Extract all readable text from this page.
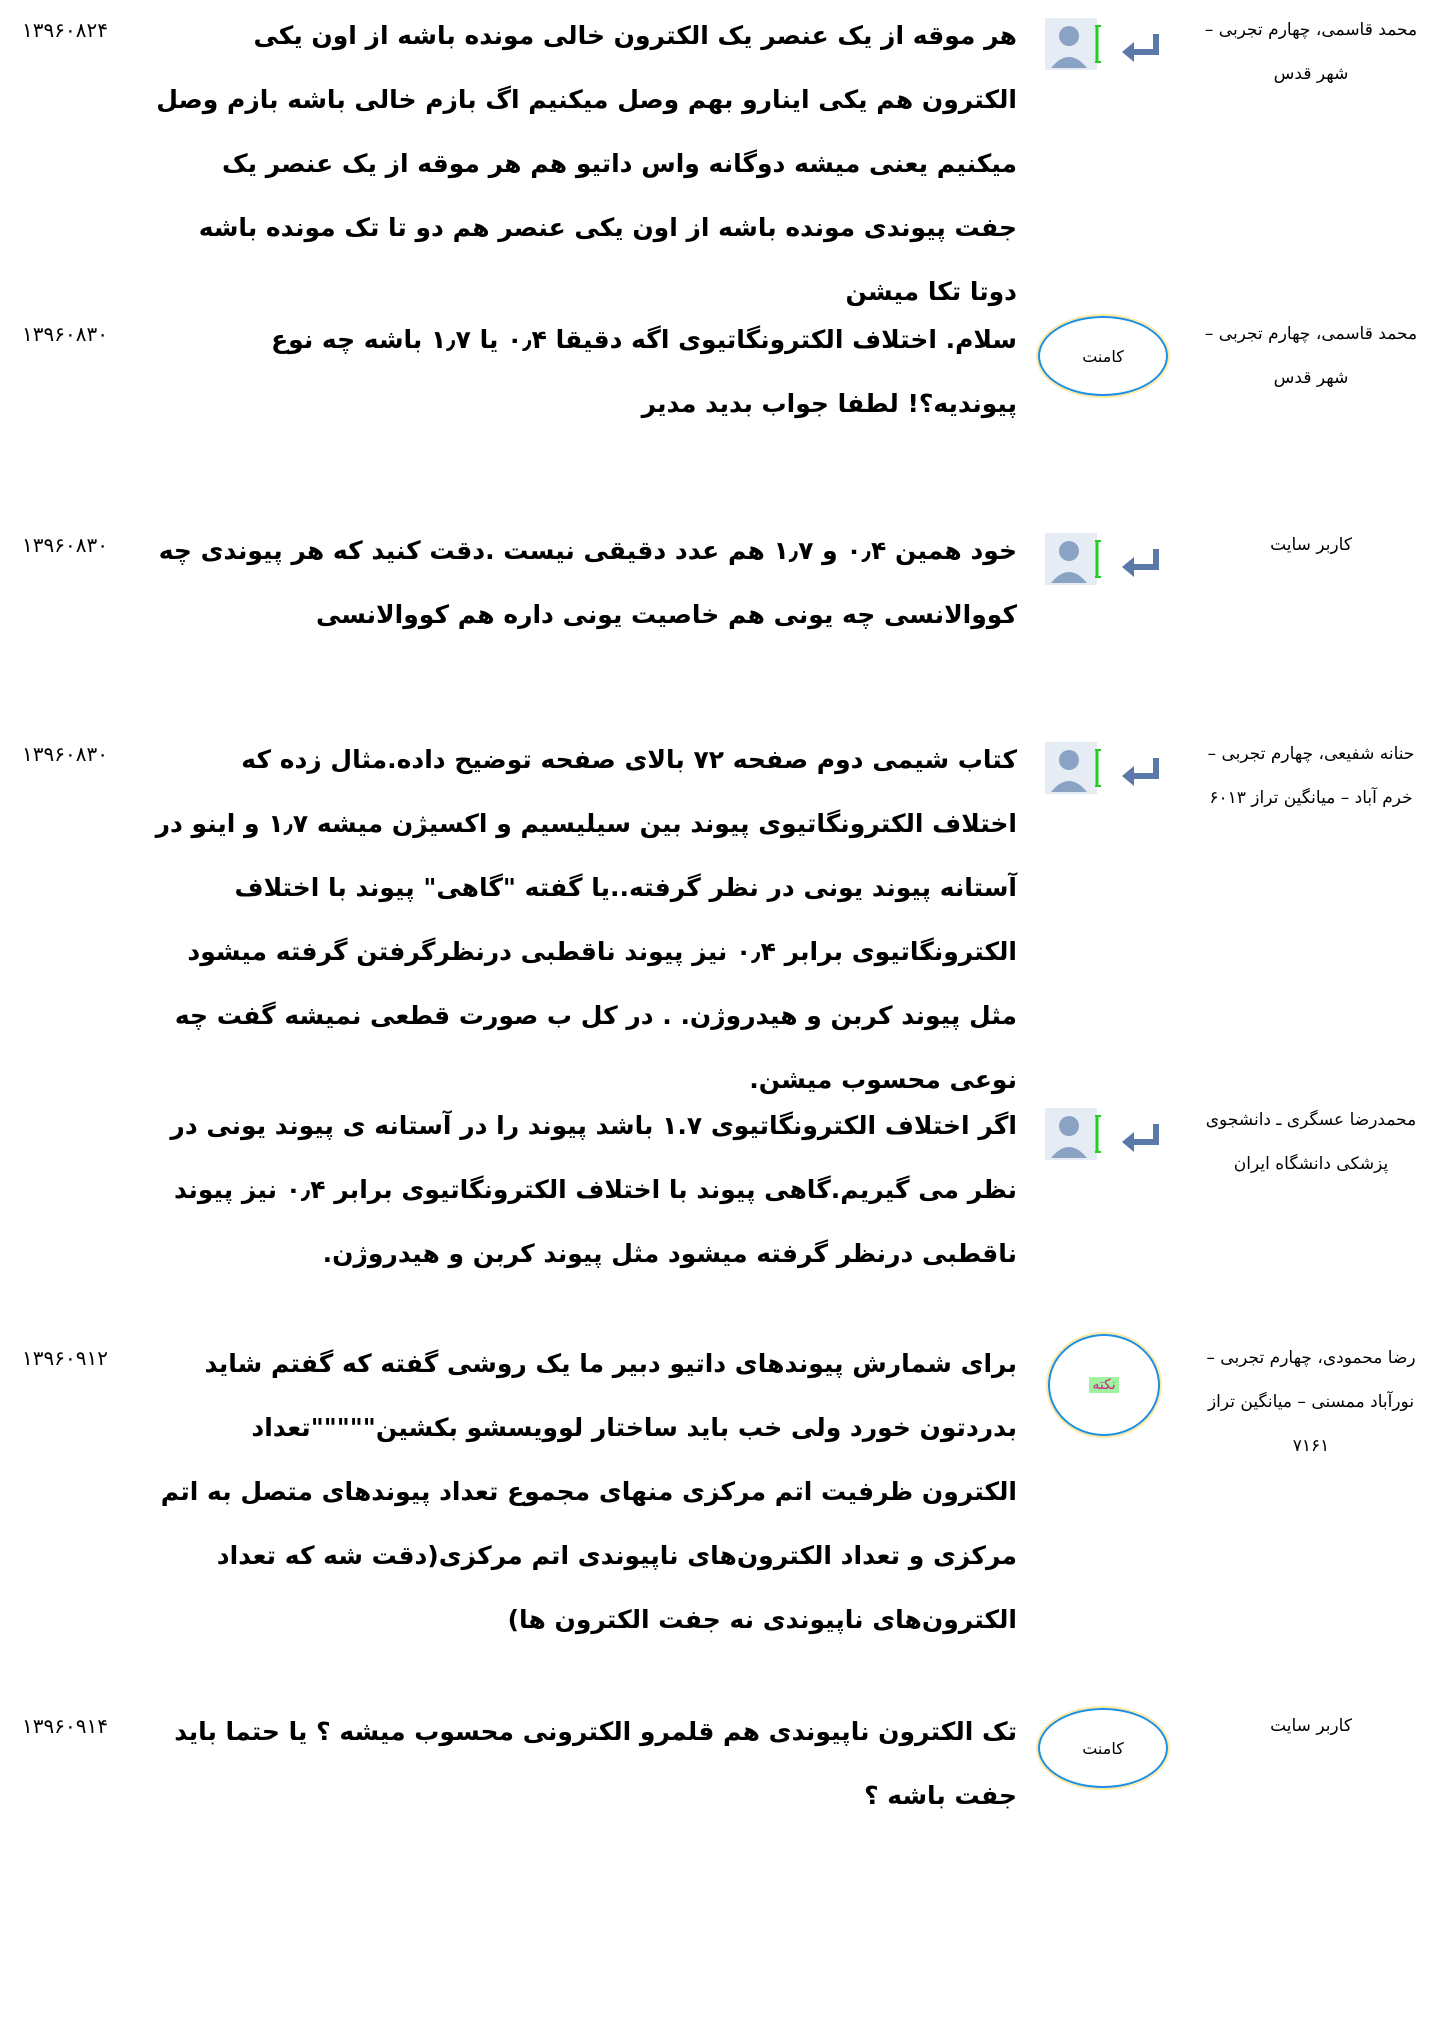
۱۳۹۶۰۸۲۴	هر موقه از یک عنصر یک الکترون خالی مونده باشه از اون یکی الکترون هم یکی اینارو بهم وصل میکنیم اگ بازم خالی باشه بازم وصل میکنیم یعنی میشه دوگانه واس داتیو هم هر موقه از یک عنصر یک جفت پیوندی مونده باشه از اون یکی عنصر هم دو تا تک مونده باشه دوتا تکا میشن
محمد قاسمی، چهارم تجربی – شهر قدس
۱۳۹۶۰۸۳۰	سلام. اختلاف الکترونگاتیوی اگه دقیقا ۰٫۴ یا ۱٫۷ باشه چه نوع پیوندیه؟! لطفا جواب بدید مدیر
کامنت
محمد قاسمی، چهارم تجربی – شهر قدس
۱۳۹۶۰۸۳۰ خود همین ۰٫۴ و ۱٫۷ هم عدد دقیقی نیست .دقت کنید که هر پیوندی چه کووالانسی چه یونی هم خاصیت یونی داره هم کووالانسی
کاربر سایت
۱۳۹۶۰۸۳۰	کتاب شیمی دوم صفحه ۷۲ بالای صفحه توضیح داده.مثال زده که اختلاف الکترونگاتیوی پیوند بین سیلیسیم و اکسیژن میشه ۱٫۷ و اینو در آستانه پیوند یونی در نظر گرفته..یا گفته "گاهی" پیوند با اختلاف الکترونگاتیوی برابر ۰٫۴ نیز پیوند ناقطبی درنظرگرفتن گرفته میشود مثل پیوند کربن و هیدروژن. . در کل ب صورت قطعی نمیشه گفت چه نوعی محسوب میشن.
حنانه شفیعی، چهارم تجربی – خرم آباد – میانگین تراز ۶۰۱۳
اگر اختلاف الکترونگاتیوی ۱.۷ باشد پیوند را در آستانه ی پیوند یونی در نظر می گیریم.گاهی پیوند با اختلاف الکترونگاتیوی برابر ۰٫۴ نیز پیوند ناقطبی درنظر گرفته میشود مثل پیوند کربن و هیدروژن.
محمدرضا عسگری ـ دانشجوی پزشکی دانشگاه ایران
۱۳۹۶۰۹۱۲	برای شمارش پیوندهای داتیو دبیر ما یک روشی گفته که گفتم شاید بدردتون خورد ولی خب باید ساختار لوویسشو بکشین"""""تعداد الکترون ظرفیت اتم مرکزی منهای مجموع تعداد پیوندهای متصل به اتم مرکزی و تعداد الکترون‌های ناپیوندی اتم مرکزی(دقت شه که تعداد الکترون‌های ناپیوندی نه جفت الکترون ها)
نکته
رضا محمودی، چهارم تجربی – نورآباد ممسنی – میانگین تراز ۷۱۶۱
۱۳۹۶۰۹۱۴	تک الکترون ناپیوندی هم قلمرو الکترونی محسوب میشه ؟ یا حتما باید جفت باشه ؟
کامنت
کاربر سایت
